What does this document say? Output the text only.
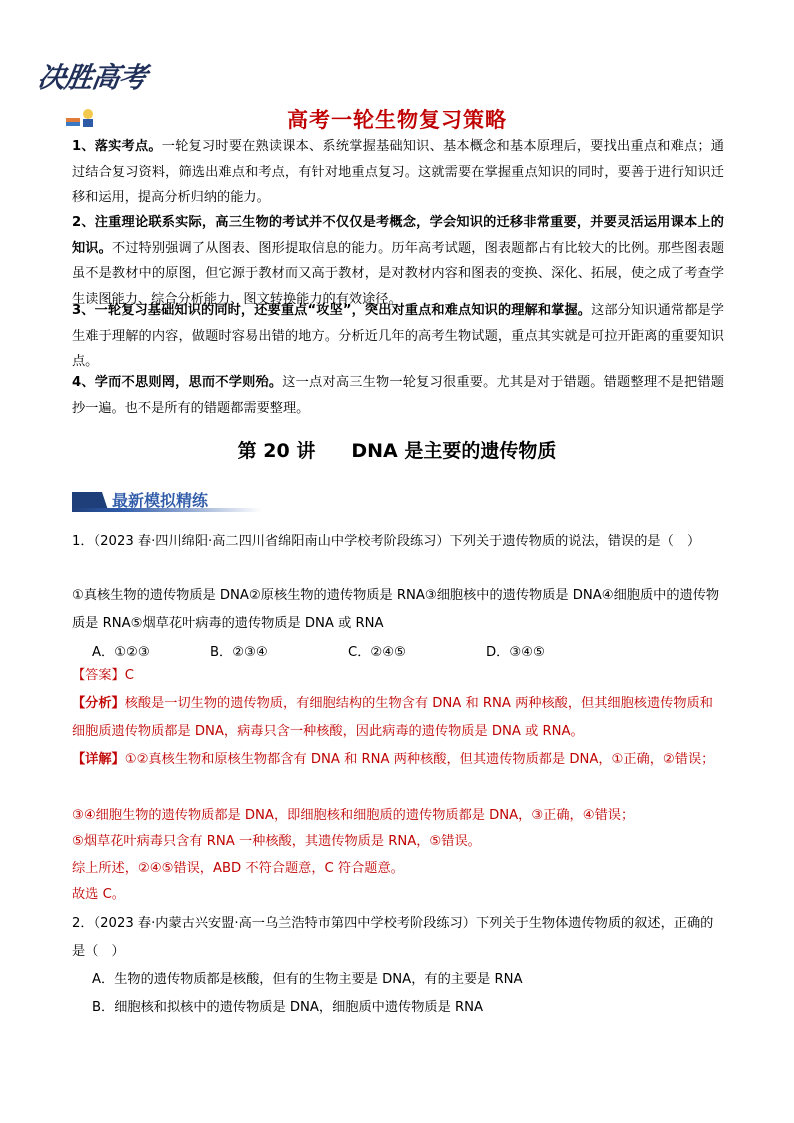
决胜高考
高考一轮生物复习策略
1、落实考点。一轮复习时要在熟读课本、系统掌握基础知识、基本概念和基本原理后，要找出重点和难点；通过结合复习资料，筛选出难点和考点，有针对地重点复习。这就需要在掌握重点知识的同时，要善于进行知识迁移和运用，提高分析归纳的能力。
2、注重理论联系实际，高三生物的考试并不仅仅是考概念，学会知识的迁移非常重要，并要灵活运用课本上的知识。不过特别强调了从图表、图形提取信息的能力。历年高考试题，图表题都占有比较大的比例。那些图表题虽不是教材中的原图，但它源于教材而又高于教材，是对教材内容和图表的变换、深化、拓展，使之成了考查学生读图能力、综合分析能力、图文转换能力的有效途径。
3、一轮复习基础知识的同时，还要重点“攻坚”，突出对重点和难点知识的理解和掌握。这部分知识通常都是学生难于理解的内容，做题时容易出错的地方。分析近几年的高考生物试题，重点其实就是可拉开距离的重要知识点。
4、学而不思则罔，思而不学则殆。这一点对高三生物一轮复习很重要。尤其是对于错题。错题整理不是把错题抄一遍。也不是所有的错题都需要整理。
第 20 讲 DNA 是主要的遗传物质
最新模拟精练
1．（2023 春·四川绵阳·高二四川省绵阳南山中学校考阶段练习）下列关于遗传物质的说法，错误的是（　）
①真核生物的遗传物质是 DNA②原核生物的遗传物质是 RNA③细胞核中的遗传物质是 DNA④细胞质中的遗传物质是 RNA⑤烟草花叶病毒的遗传物质是 DNA 或 RNA
A．①②③	B．②③④	C．②④⑤	D．③④⑤
【答案】C
【分析】核酸是一切生物的遗传物质，有细胞结构的生物含有 DNA 和 RNA 两种核酸，但其细胞核遗传物质和细胞质遗传物质都是 DNA，病毒只含一种核酸，因此病毒的遗传物质是 DNA 或 RNA。
【详解】①②真核生物和原核生物都含有 DNA 和 RNA 两种核酸，但其遗传物质都是 DNA，①正确，②错误；
③④细胞生物的遗传物质都是 DNA，即细胞核和细胞质的遗传物质都是 DNA，③正确，④错误；
⑤烟草花叶病毒只含有 RNA 一种核酸，其遗传物质是 RNA，⑤错误。
综上所述，②④⑤错误，ABD 不符合题意，C 符合题意。
故选 C。
2．（2023 春·内蒙古兴安盟·高一乌兰浩特市第四中学校考阶段练习）下列关于生物体遗传物质的叙述，正确的是（　）
A．生物的遗传物质都是核酸，但有的生物主要是 DNA，有的主要是 RNA
B．细胞核和拟核中的遗传物质是 DNA，细胞质中遗传物质是 RNA
